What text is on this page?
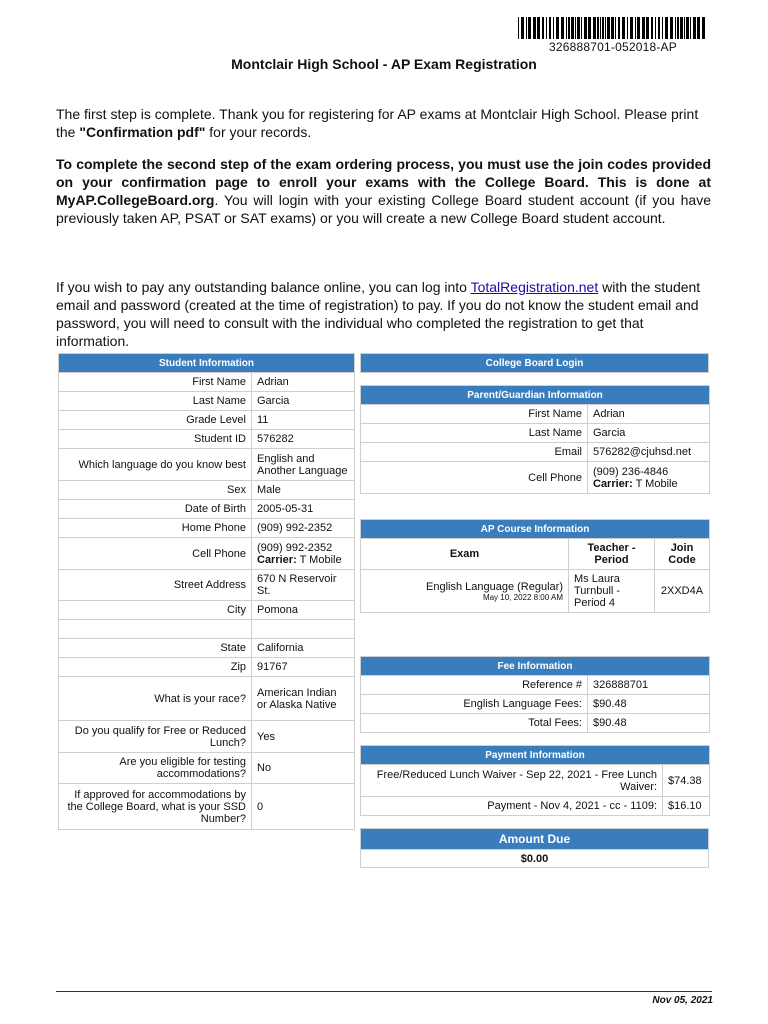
326888701-052018-AP
Montclair High School - AP Exam Registration
The first step is complete. Thank you for registering for AP exams at Montclair High School. Please print the "Confirmation pdf" for your records.
To complete the second step of the exam ordering process, you must use the join codes provided on your confirmation page to enroll your exams with the College Board. This is done at MyAP.CollegeBoard.org. You will login with your existing College Board student account (if you have previously taken AP, PSAT or SAT exams) or you will create a new College Board student account.
If you wish to pay any outstanding balance online, you can log into TotalRegistration.net with the student email and password (created at the time of registration) to pay. If you do not know the student email and password, you will need to consult with the individual who completed the registration to get that information.
Student Information	
First Name	Adrian

Last Name	Garcia

Grade Level	11

Student ID	576282

Which language do you know best	English and Another Language

Sex	Male

Date of Birth	2005-05-31

Home Phone	(909) 992-2352

Cell Phone	(909) 992-2352
Carrier: T Mobile

Street Address	670 N Reservoir St.

City	Pomona

State	California

Zip	91767

What is your race?	American Indian or Alaska Native

Do you qualify for Free or Reduced Lunch?	Yes

Are you eligible for testing accommodations?	No

If approved for accommodations by the College Board, what is your SSD Number?	0
College Board Login
Parent/Guardian Information	
First Name	Adrian

Last Name	Garcia

Email	576282@cjuhsd.net

Cell Phone	(909) 236-4846
Carrier: T Mobile
AP Course Information		
Exam	Teacher - Period	Join Code
English Language (Regular)
May 10, 2022 8:00 AM	Ms Laura Turnbull - Period 4	2XXD4A
Fee Information	
Reference #	326888701

English Language Fees:	$90.48

Total Fees:	$90.48
Payment Information	
Free/Reduced Lunch Waiver - Sep 22, 2021 - Free Lunch Waiver:	$74.38

Payment - Nov 4, 2021 - cc - 1109:	$16.10
Amount Due
$0.00
Nov 05, 2021
